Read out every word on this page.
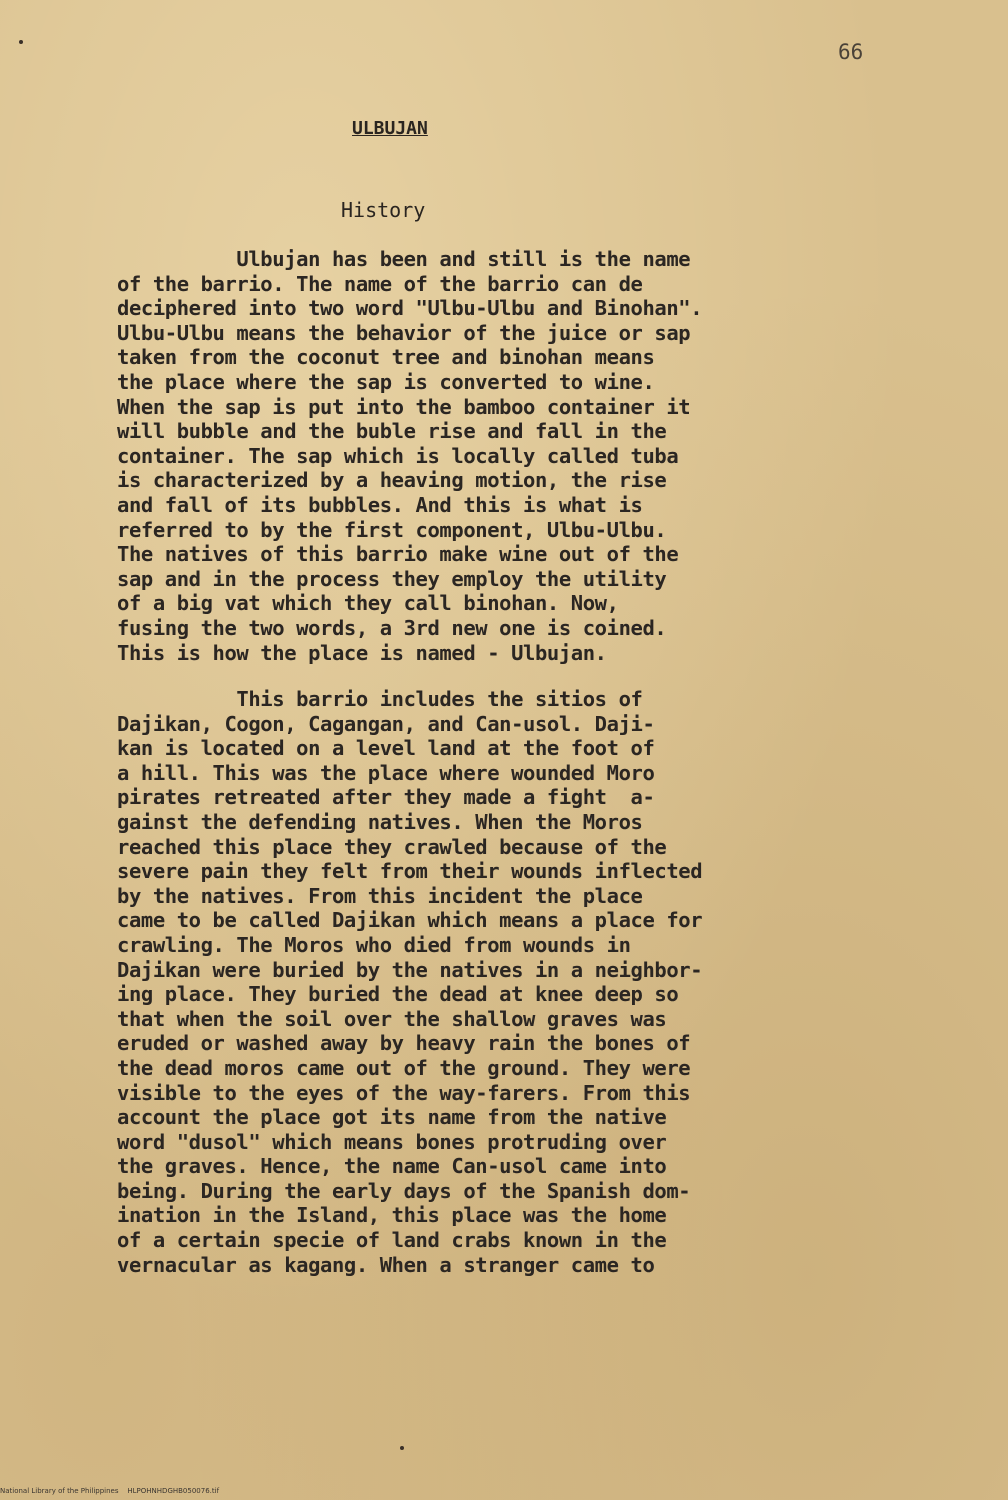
66
ULBUJAN
History
Ulbujan has been and still is the name
of the barrio. The name of the barrio can de
deciphered into two word "Ulbu-Ulbu and Binohan".
Ulbu-Ulbu means the behavior of the juice or sap
taken from the coconut tree and binohan means
the place where the sap is converted to wine.
When the sap is put into the bamboo container it
will bubble and the buble rise and fall in the
container. The sap which is locally called tuba
is characterized by a heaving motion, the rise
and fall of its bubbles. And this is what is
referred to by the first component, Ulbu-Ulbu.
The natives of this barrio make wine out of the
sap and in the process they employ the utility
of a big vat which they call binohan. Now,
fusing the two words, a 3rd new one is coined.
This is how the place is named - Ulbujan.
This barrio includes the sitios of
Dajikan, Cogon, Cagangan, and Can-usol. Daji-
kan is located on a level land at the foot of
a hill. This was the place where wounded Moro
pirates retreated after they made a fight  a-
gainst the defending natives. When the Moros
reached this place they crawled because of the
severe pain they felt from their wounds inflected
by the natives. From this incident the place
came to be called Dajikan which means a place for
crawling. The Moros who died from wounds in
Dajikan were buried by the natives in a neighbor-
ing place. They buried the dead at knee deep so
that when the soil over the shallow graves was
eruded or washed away by heavy rain the bones of
the dead moros came out of the ground. They were
visible to the eyes of the way-farers. From this
account the place got its name from the native
word "dusol" which means bones protruding over
the graves. Hence, the name Can-usol came into
being. During the early days of the Spanish dom-
ination in the Island, this place was the home
of a certain specie of land crabs known in the
vernacular as kagang. When a stranger came to
National Library of the Philippines    HLPOHNHDGHB050076.tif
